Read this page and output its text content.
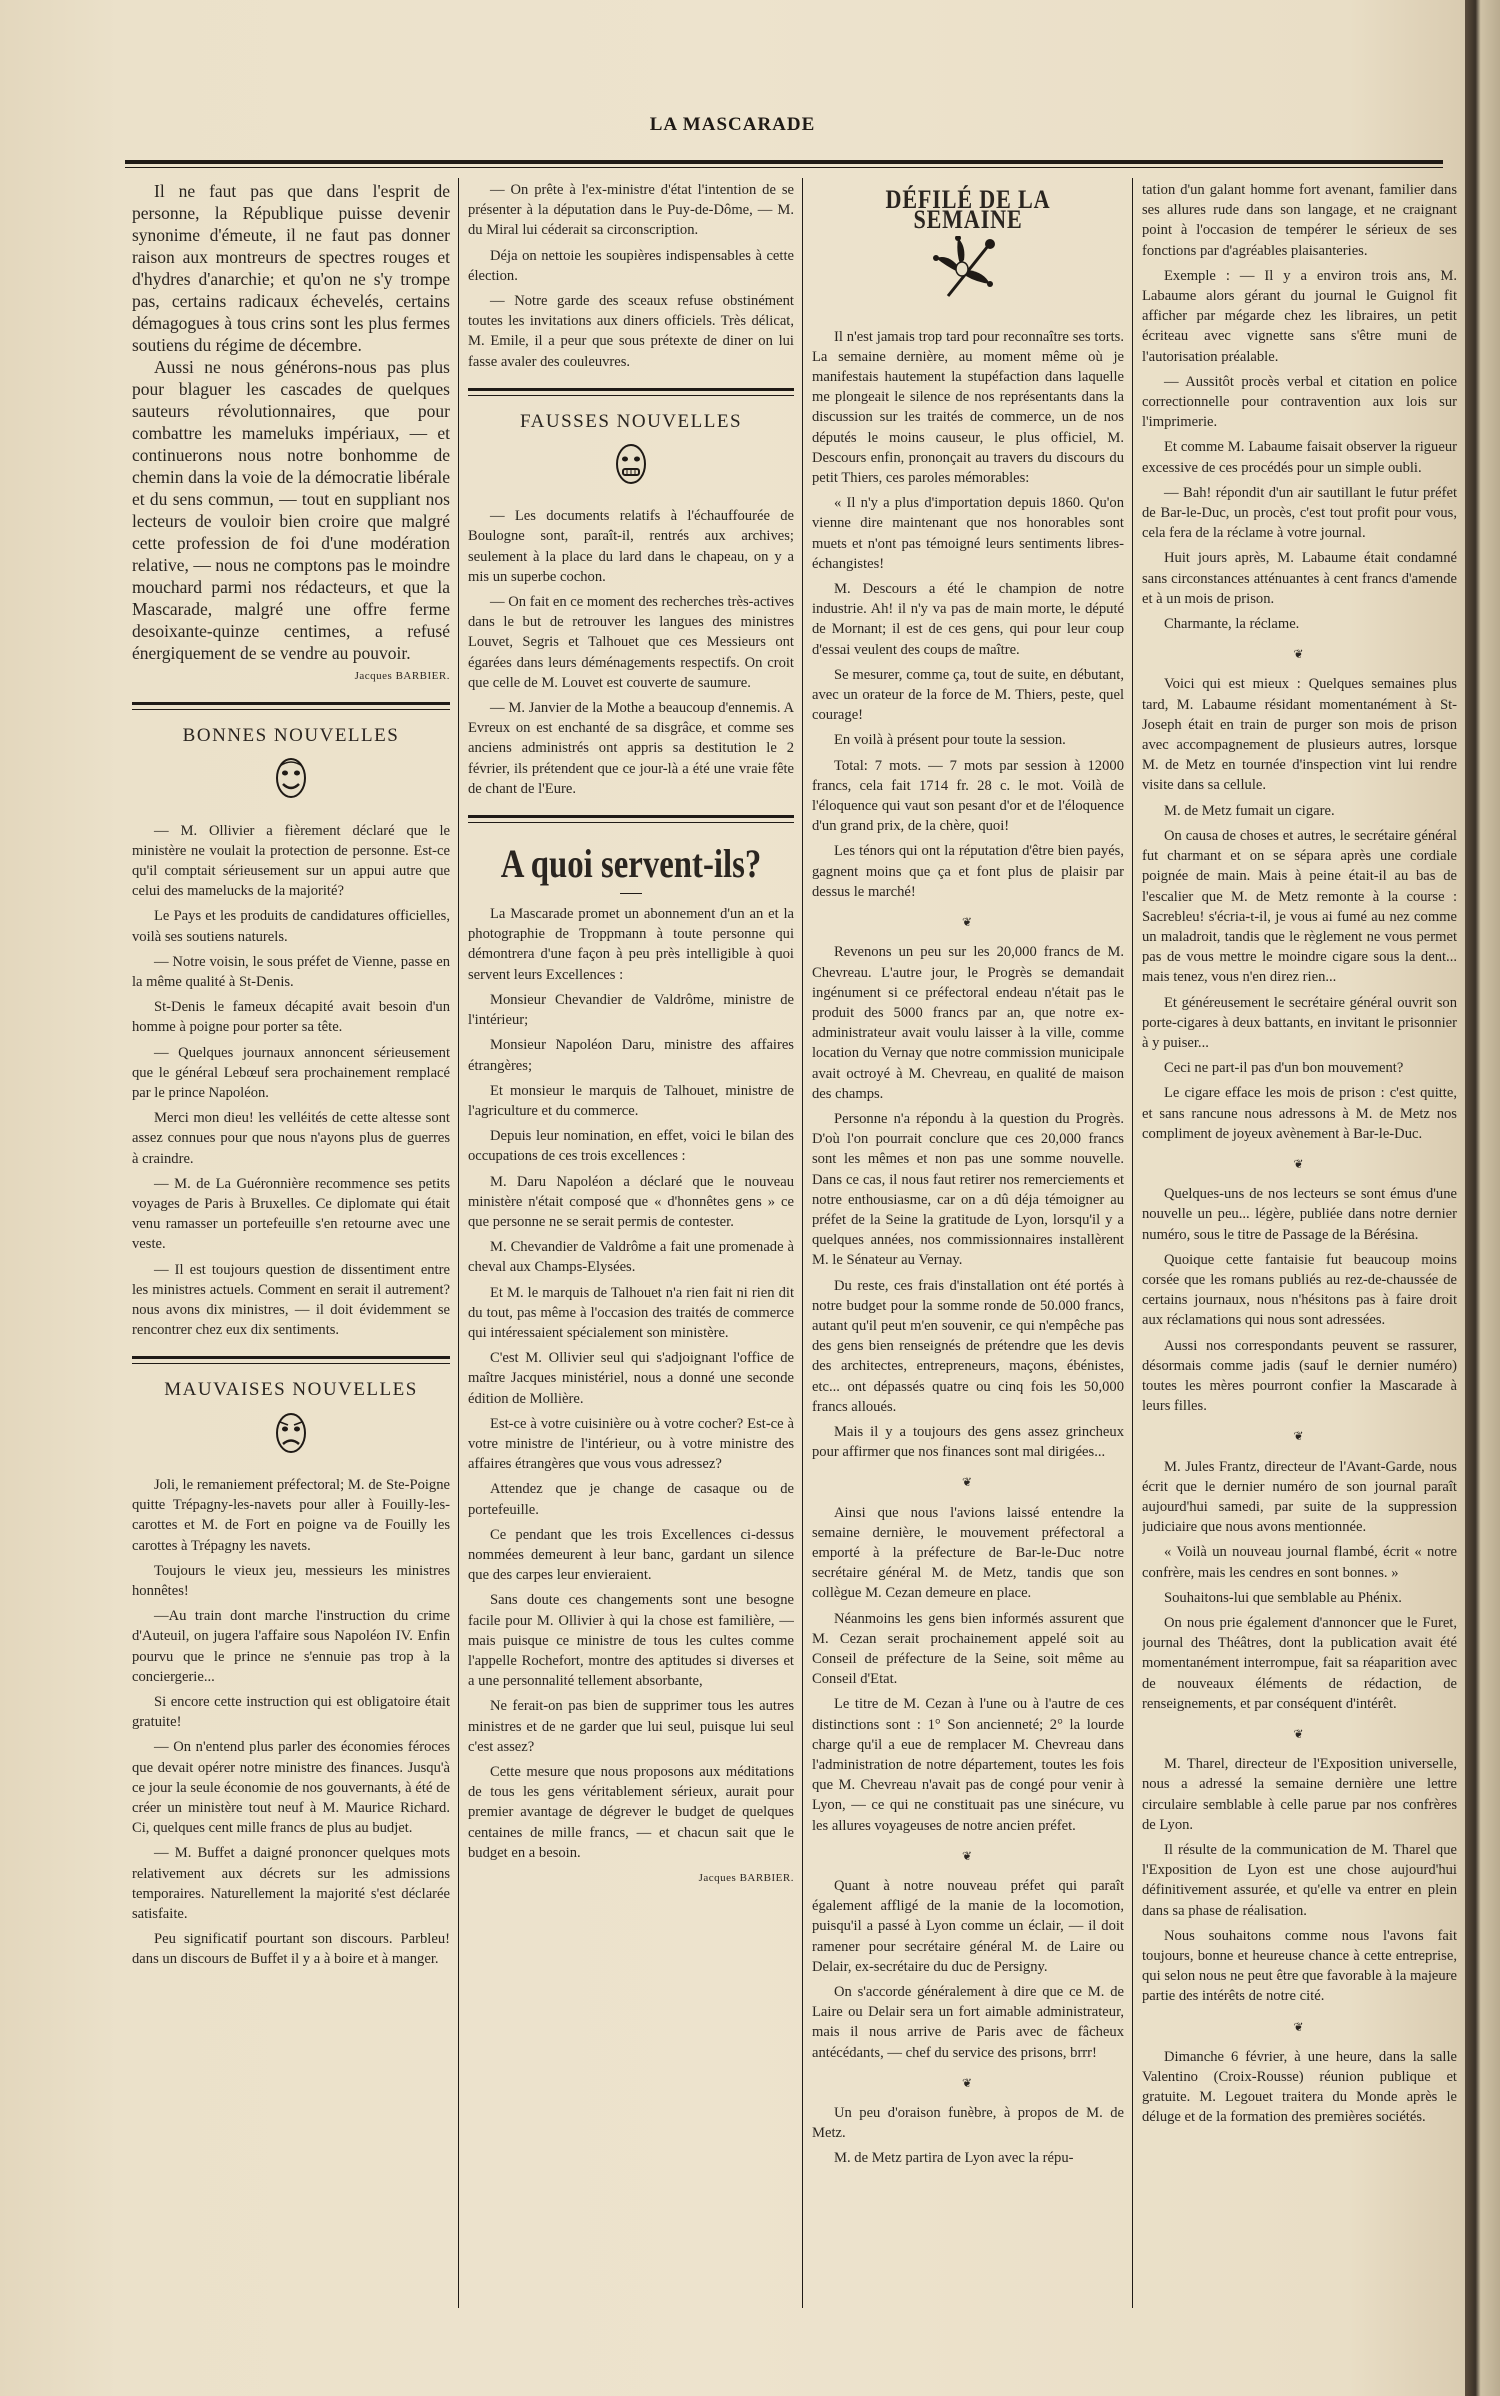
LA MASCARADE

Il ne faut pas que dans l'esprit de personne, la République puisse devenir synonime d'émeute, il ne faut pas donner raison aux montreurs de spectres rouges et d'hydres d'anarchie; et qu'on ne s'y trompe pas, certains radicaux échevelés, certains démagogues à tous crins sont les plus fermes soutiens du régime de décembre.

Aussi ne nous générons-nous pas plus pour blaguer les cascades de quelques sauteurs révolutionnaires, que pour combattre les mameluks impériaux, — et continuerons nous notre bonhomme de chemin dans la voie de la démocratie libérale et du sens commun, — tout en suppliant nos lecteurs de vouloir bien croire que malgré cette profession de foi d'une modération relative, — nous ne comptons pas le moindre mouchard parmi nos rédacteurs, et que la Mascarade, malgré une offre ferme desoixante-quinze centimes, a refusé énergiquement de se vendre au pouvoir.

Jacques BARBIER.
BONNES NOUVELLES

— M. Ollivier a fièrement déclaré que le ministère ne voulait la protection de personne. Est-ce qu'il comptait sérieusement sur un appui autre que celui des mamelucks de la majorité?

Le Pays et les produits de candidatures officielles, voilà ses soutiens naturels.

— Notre voisin, le sous préfet de Vienne, passe en la même qualité à St-Denis.

St-Denis le fameux décapité avait besoin d'un homme à poigne pour porter sa tête.

— Quelques journaux annoncent sérieusement que le général Lebœuf sera prochainement remplacé par le prince Napoléon.

Merci mon dieu! les velléités de cette altesse sont assez connues pour que nous n'ayons plus de guerres à craindre.

— M. de La Guéronnière recommence ses petits voyages de Paris à Bruxelles. Ce diplomate qui était venu ramasser un portefeuille s'en retourne avec une veste.

— Il est toujours question de dissentiment entre les ministres actuels. Comment en serait il autrement? nous avons dix ministres, — il doit évidemment se rencontrer chez eux dix sentiments.

MAUVAISES NOUVELLES

Joli, le remaniement préfectoral; M. de Ste-Poigne quitte Trépagny-les-navets pour aller à Fouilly-les-carottes et M. de Fort en poigne va de Fouilly les carottes à Trépagny les navets.

Toujours le vieux jeu, messieurs les ministres honnêtes!

—Au train dont marche l'instruction du crime d'Auteuil, on jugera l'affaire sous Napoléon IV. Enfin pourvu que le prince ne s'ennuie pas trop à la conciergerie...

Si encore cette instruction qui est obligatoire était gratuite!

— On n'entend plus parler des économies féroces que devait opérer notre ministre des finances. Jusqu'à ce jour la seule économie de nos gouvernants, à été de créer un ministère tout neuf à M. Maurice Richard. Ci, quelques cent mille francs de plus au budjet.

— M. Buffet a daigné prononcer quelques mots relativement aux décrets sur les admissions temporaires. Naturellement la majorité s'est déclarée satisfaite.

Peu significatif pourtant son discours. Parbleu! dans un discours de Buffet il y a à boire et à manger.

— On prête à l'ex-ministre d'état l'intention de se présenter à la députation dans le Puy-de-Dôme, — M. du Miral lui céderait sa circonscription.

Déja on nettoie les soupières indispensables à cette élection.

— Notre garde des sceaux refuse obstinément toutes les invitations aux diners officiels. Très délicat, M. Emile, il a peur que sous prétexte de diner on lui fasse avaler des couleuvres.

FAUSSES NOUVELLES

— Les documents relatifs à l'échauffourée de Boulogne sont, paraît-il, rentrés aux archives; seulement à la place du lard dans le chapeau, on y a mis un superbe cochon.

— On fait en ce moment des recherches très-actives dans le but de retrouver les langues des ministres Louvet, Segris et Talhouet que ces Messieurs ont égarées dans leurs déménagements respectifs. On croit que celle de M. Louvet est couverte de saumure.

— M. Janvier de la Mothe a beaucoup d'ennemis. A Evreux on est enchanté de sa disgrâce, et comme ses anciens administrés ont appris sa destitution le 2 février, ils prétendent que ce jour-là a été une vraie fête de chant de l'Eure.

A quoi servent-ils?

La Mascarade promet un abonnement d'un an et la photographie de Troppmann à toute personne qui démontrera d'une façon à peu près intelligible à quoi servent leurs Excellences :

Monsieur Chevandier de Valdrôme, ministre de l'intérieur;

Monsieur Napoléon Daru, ministre des affaires étrangères;

Et monsieur le marquis de Talhouet, ministre de l'agriculture et du commerce.

Depuis leur nomination, en effet, voici le bilan des occupations de ces trois excellences :

M. Daru Napoléon a déclaré que le nouveau ministère n'était composé que « d'honnêtes gens » ce que personne ne se serait permis de contester.

M. Chevandier de Valdrôme a fait une promenade à cheval aux Champs-Elysées.

Et M. le marquis de Talhouet n'a rien fait ni rien dit du tout, pas même à l'occasion des traités de commerce qui intéressaient spécialement son ministère.

C'est M. Ollivier seul qui s'adjoignant l'office de maître Jacques ministériel, nous a donné une seconde édition de Mollière.

Est-ce à votre cuisinière ou à votre cocher? Est-ce à votre ministre de l'intérieur, ou à votre ministre des affaires étrangères que vous vous adressez?

Attendez que je change de casaque ou de portefeuille.

Ce pendant que les trois Excellences ci-dessus nommées demeurent à leur banc, gardant un silence que des carpes leur envieraient.

Sans doute ces changements sont une besogne facile pour M. Ollivier à qui la chose est familière, — mais puisque ce ministre de tous les cultes comme l'appelle Rochefort, montre des aptitudes si diverses et a une personnalité tellement absorbante,

Ne ferait-on pas bien de supprimer tous les autres ministres et de ne garder que lui seul, puisque lui seul c'est assez?

Cette mesure que nous proposons aux méditations de tous les gens véritablement sérieux, aurait pour premier avantage de dégrever le budget de quelques centaines de mille francs, — et chacun sait que le budget en a besoin.

Jacques BARBIER.
DÉFILÉ DE LA SEMAINE

Il n'est jamais trop tard pour reconnaître ses torts. La semaine dernière, au moment même où je manifestais hautement la stupéfaction dans laquelle me plongeait le silence de nos représentants dans la discussion sur les traités de commerce, un de nos députés le moins causeur, le plus officiel, M. Descours enfin, prononçait au travers du discours du petit Thiers, ces paroles mémorables:

« Il n'y a plus d'importation depuis 1860. Qu'on vienne dire maintenant que nos honorables sont muets et n'ont pas témoigné leurs sentiments libres-échangistes!

M. Descours a été le champion de notre industrie. Ah! il n'y va pas de main morte, le député de Mornant; il est de ces gens, qui pour leur coup d'essai veulent des coups de maître.

Se mesurer, comme ça, tout de suite, en débutant, avec un orateur de la force de M. Thiers, peste, quel courage!

En voilà à présent pour toute la session.

Total: 7 mots. — 7 mots par session à 12000 francs, cela fait 1714 fr. 28 c. le mot. Voilà de l'éloquence qui vaut son pesant d'or et de l'éloquence d'un grand prix, de la chère, quoi!

Les ténors qui ont la réputation d'être bien payés, gagnent moins que ça et font plus de plaisir par dessus le marché!

❦

Revenons un peu sur les 20,000 francs de M. Chevreau. L'autre jour, le Progrès se demandait ingénument si ce préfectoral endeau n'était pas le produit des 5000 francs par an, que notre ex-administrateur avait voulu laisser à la ville, comme location du Vernay que notre commission municipale avait octroyé à M. Chevreau, en qualité de maison des champs.

Personne n'a répondu à la question du Progrès. D'où l'on pourrait conclure que ces 20,000 francs sont les mêmes et non pas une somme nouvelle. Dans ce cas, il nous faut retirer nos remerciements et notre enthousiasme, car on a dû déja témoigner au préfet de la Seine la gratitude de Lyon, lorsqu'il y a quelques années, nos commissionnaires installèrent M. le Sénateur au Vernay.

Du reste, ces frais d'installation ont été portés à notre budget pour la somme ronde de 50.000 francs, autant qu'il peut m'en souvenir, ce qui n'empêche pas des gens bien renseignés de prétendre que les devis des architectes, entrepreneurs, maçons, ébénistes, etc... ont dépassés quatre ou cinq fois les 50,000 francs alloués.

Mais il y a toujours des gens assez grincheux pour affirmer que nos finances sont mal dirigées...

❦

Ainsi que nous l'avions laissé entendre la semaine dernière, le mouvement préfectoral a emporté à la préfecture de Bar-le-Duc notre secrétaire général M. de Metz, tandis que son collègue M. Cezan demeure en place.

Néanmoins les gens bien informés assurent que M. Cezan serait prochainement appelé soit au Conseil de préfecture de la Seine, soit même au Conseil d'Etat.

Le titre de M. Cezan à l'une ou à l'autre de ces distinctions sont : 1° Son ancienneté; 2° la lourde charge qu'il a eue de remplacer M. Chevreau dans l'administration de notre département, toutes les fois que M. Chevreau n'avait pas de congé pour venir à Lyon, — ce qui ne constituait pas une sinécure, vu les allures voyageuses de notre ancien préfet.

❦

Quant à notre nouveau préfet qui paraît également affligé de la manie de la locomotion, puisqu'il a passé à Lyon comme un éclair, — il doit ramener pour secrétaire général M. de Laire ou Delair, ex-secrétaire du duc de Persigny.

On s'accorde généralement à dire que ce M. de Laire ou Delair sera un fort aimable administrateur, mais il nous arrive de Paris avec de fâcheux antécédants, — chef du service des prisons, brrr!

❦

Un peu d'oraison funèbre, à propos de M. de Metz.

M. de Metz partira de Lyon avec la répu-

tation d'un galant homme fort avenant, familier dans ses allures rude dans son langage, et ne craignant point à l'occasion de tempérer le sérieux de ses fonctions par d'agréables plaisanteries.

Exemple : — Il y a environ trois ans, M. Labaume alors gérant du journal le Guignol fit afficher par mégarde chez les libraires, un petit écriteau avec vignette sans s'être muni de l'autorisation préalable.

— Aussitôt procès verbal et citation en police correctionnelle pour contravention aux lois sur l'imprimerie.

Et comme M. Labaume faisait observer la rigueur excessive de ces procédés pour un simple oubli.

— Bah! répondit d'un air sautillant le futur préfet de Bar-le-Duc, un procès, c'est tout profit pour vous, cela fera de la réclame à votre journal.

Huit jours après, M. Labaume était condamné sans circonstances atténuantes à cent francs d'amende et à un mois de prison.

Charmante, la réclame.

❦

Voici qui est mieux : Quelques semaines plus tard, M. Labaume résidant momentanément à St-Joseph était en train de purger son mois de prison avec accompagnement de plusieurs autres, lorsque M. de Metz en tournée d'inspection vint lui rendre visite dans sa cellule.

M. de Metz fumait un cigare.

On causa de choses et autres, le secrétaire général fut charmant et on se sépara après une cordiale poignée de main. Mais à peine était-il au bas de l'escalier que M. de Metz remonte à la course : Sacrebleu! s'écria-t-il, je vous ai fumé au nez comme un maladroit, tandis que le règlement ne vous permet pas de vous mettre le moindre cigare sous la dent... mais tenez, vous n'en direz rien...

Et généreusement le secrétaire général ouvrit son porte-cigares à deux battants, en invitant le prisonnier à y puiser...

Ceci ne part-il pas d'un bon mouvement?

Le cigare efface les mois de prison : c'est quitte, et sans rancune nous adressons à M. de Metz nos compliment de joyeux avènement à Bar-le-Duc.

❦

Quelques-uns de nos lecteurs se sont émus d'une nouvelle un peu... légère, publiée dans notre dernier numéro, sous le titre de Passage de la Bérésina.

Quoique cette fantaisie fut beaucoup moins corsée que les romans publiés au rez-de-chaussée de certains journaux, nous n'hésitons pas à faire droit aux réclamations qui nous sont adressées.

Aussi nos correspondants peuvent se rassurer, désormais comme jadis (sauf le dernier numéro) toutes les mères pourront confier la Mascarade à leurs filles.

❦

M. Jules Frantz, directeur de l'Avant-Garde, nous écrit que le dernier numéro de son journal paraît aujourd'hui samedi, par suite de la suppression judiciaire que nous avons mentionnée.

« Voilà un nouveau journal flambé, écrit « notre confrère, mais les cendres en sont bonnes. »

Souhaitons-lui que semblable au Phénix.

On nous prie également d'annoncer que le Furet, journal des Théâtres, dont la publication avait été momentanément interrompue, fait sa réaparition avec de nouveaux éléments de rédaction, de renseignements, et par conséquent d'intérêt.

❦

M. Tharel, directeur de l'Exposition universelle, nous a adressé la semaine dernière une lettre circulaire semblable à celle parue par nos confrères de Lyon.

Il résulte de la communication de M. Tharel que l'Exposition de Lyon est une chose aujourd'hui définitivement assurée, et qu'elle va entrer en plein dans sa phase de réalisation.

Nous souhaitons comme nous l'avons fait toujours, bonne et heureuse chance à cette entreprise, qui selon nous ne peut être que favorable à la majeure partie des intérêts de notre cité.

❦

Dimanche 6 février, à une heure, dans la salle Valentino (Croix-Rousse) réunion publique et gratuite. M. Legouet traitera du Monde après le déluge et de la formation des premières sociétés.
